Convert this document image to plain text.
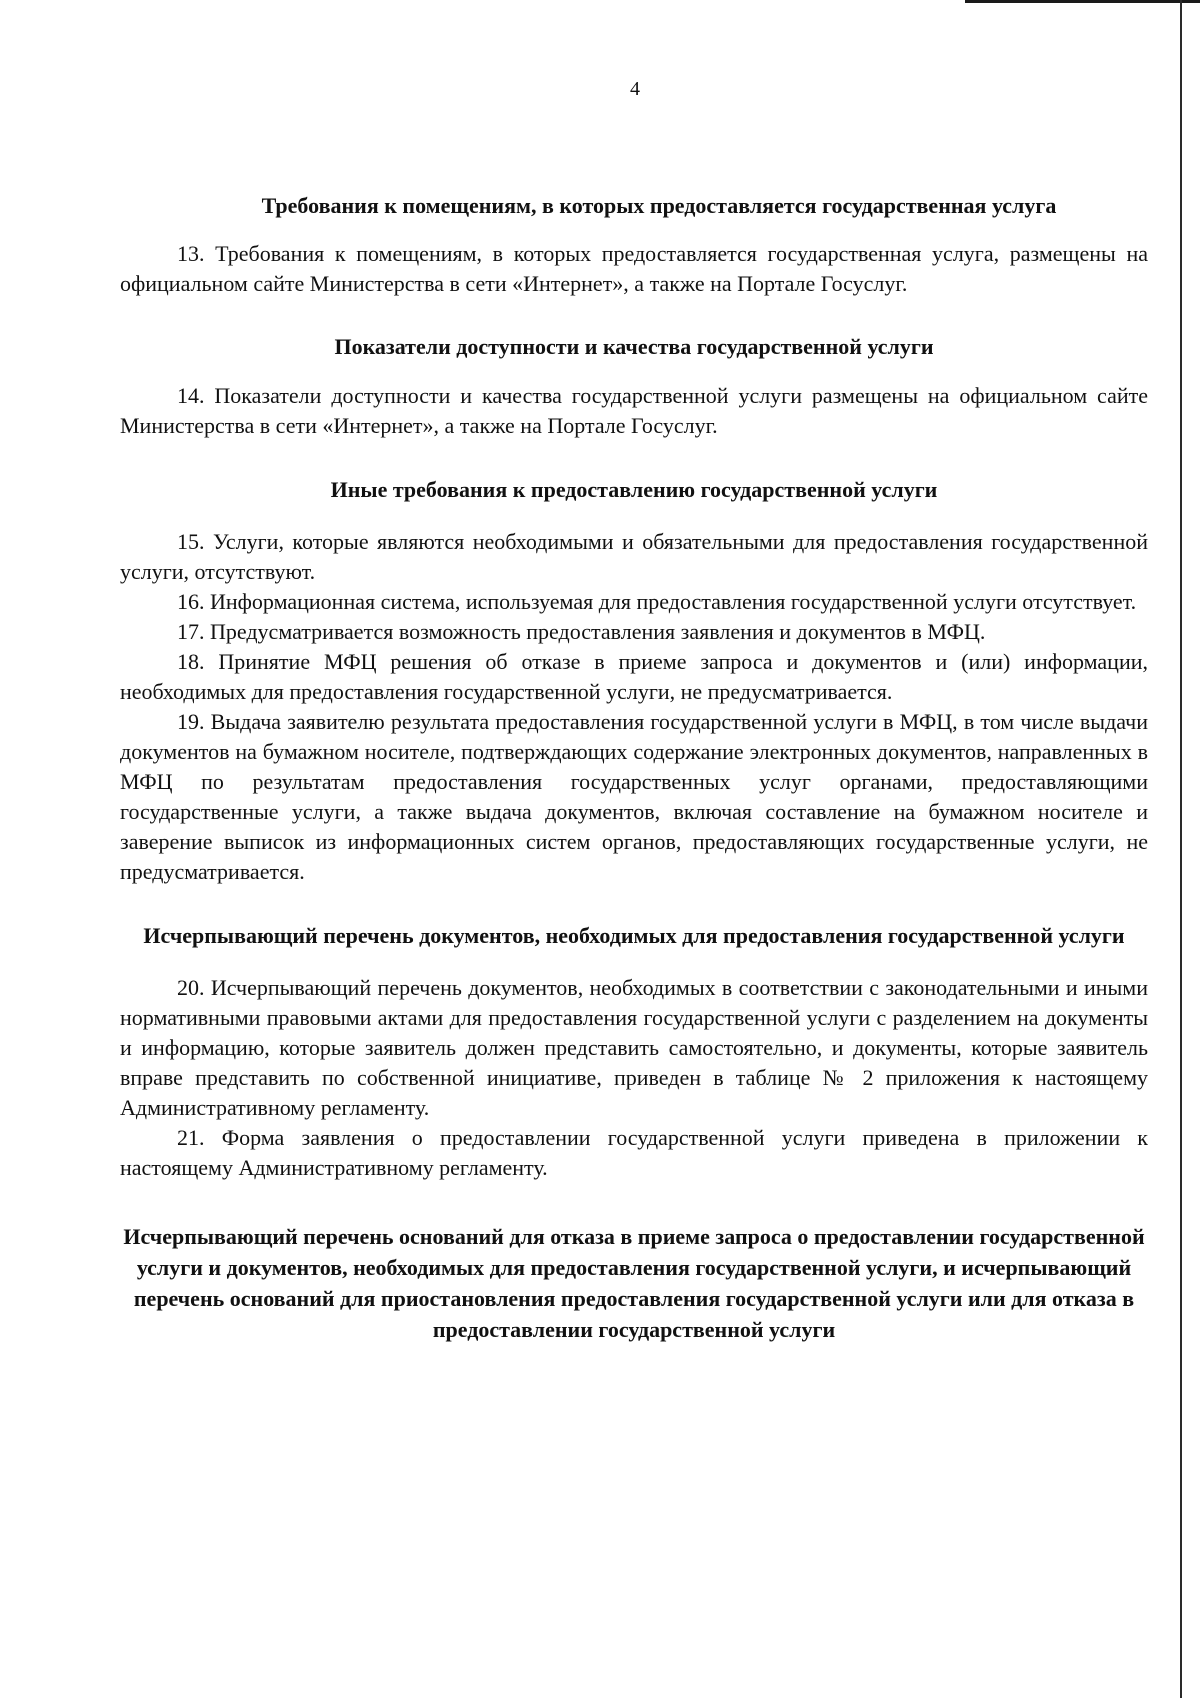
4
Требования к помещениям, в которых предоставляется государственная услуга

13. Требования к помещениям, в которых предоставляется государственная услуга, размещены на официальном сайте Министерства в сети «Интернет», а также на Портале Госуслуг.

Показатели доступности и качества государственной услуги

14. Показатели доступности и качества государственной услуги размещены на официальном сайте Министерства в сети «Интернет», а также на Портале Госуслуг.

Иные требования к предоставлению государственной услуги

15. Услуги, которые являются необходимыми и обязательными для предоставления государственной услуги, отсутствуют.

16. Информационная система, используемая для предоставления государственной услуги отсутствует.

17. Предусматривается возможность предоставления заявления и документов в МФЦ.

18. Принятие МФЦ решения об отказе в приеме запроса и документов и (или) информации, необходимых для предоставления государственной услуги, не предусматривается.

19. Выдача заявителю результата предоставления государственной услуги в МФЦ, в том числе выдачи документов на бумажном носителе, подтверждающих содержание электронных документов, направленных в МФЦ по результатам предоставления государственных услуг органами, предоставляющими государственные услуги, а также выдача документов, включая составление на бумажном носителе и заверение выписок из информационных систем органов, предоставляющих государственные услуги, не предусматривается.

Исчерпывающий перечень документов, необходимых для предоставления государственной услуги

20. Исчерпывающий перечень документов, необходимых в соответствии с законодательными и иными нормативными правовыми актами для предоставления государственной услуги с разделением на документы и информацию, которые заявитель должен представить самостоятельно, и документы, которые заявитель вправе представить по собственной инициативе, приведен в таблице № 2 приложения к настоящему Административному регламенту.

21. Форма заявления о предоставлении государственной услуги приведена в приложении к настоящему Административному регламенту.

Исчерпывающий перечень оснований для отказа в приеме запроса о предоставлении государственной услуги и документов, необходимых для предоставления государственной услуги, и исчерпывающий перечень оснований для приостановления предоставления государственной услуги или для отказа в предоставлении государственной услуги
